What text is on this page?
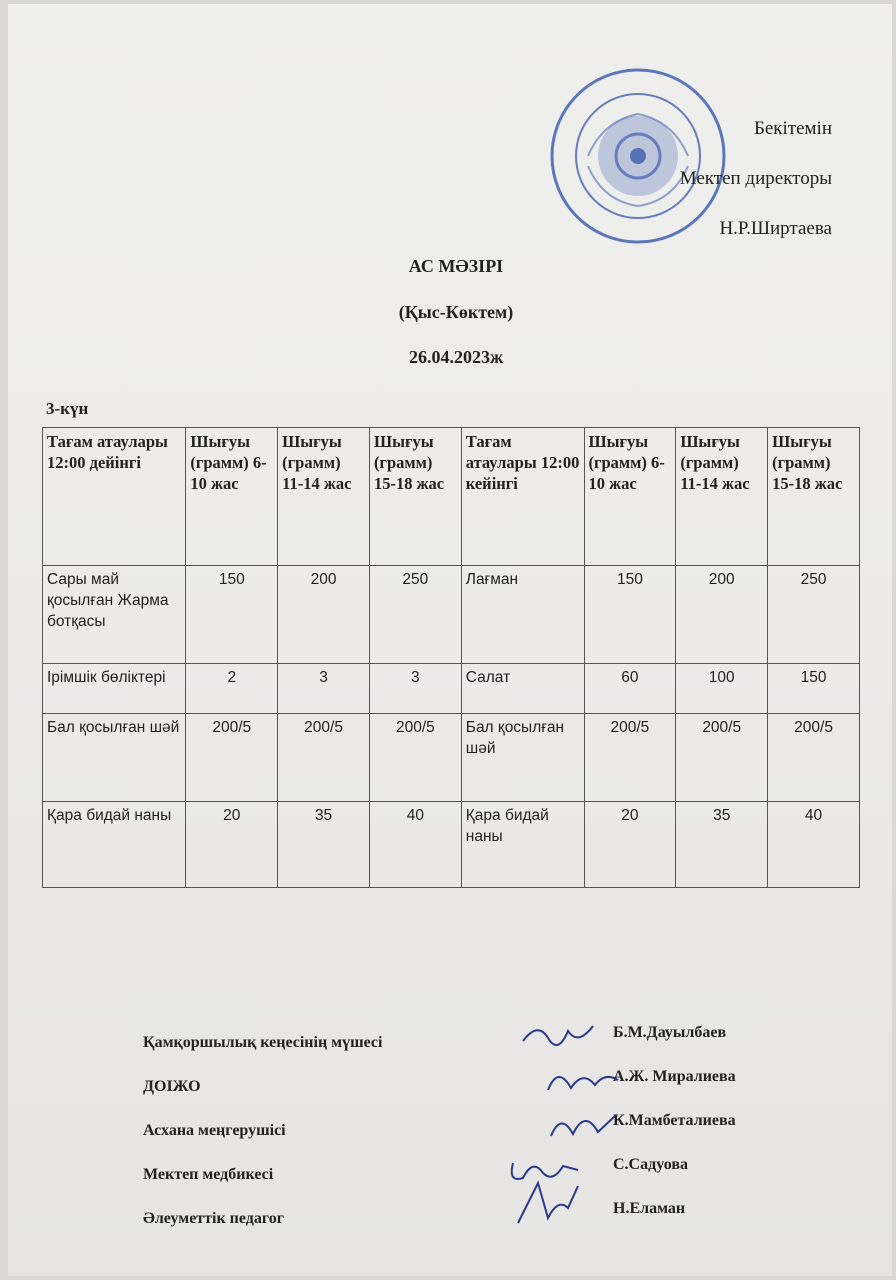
Бекітемін
Мектеп директоры
Н.Р.Ширтаева
АС МӘЗІРІ
(Қыс-Көктем)
26.04.2023ж
3-күн
Тағам атаулары 12:00 дейінгі	Шығуы (грамм) 6-10 жас	Шығуы (грамм) 11-14 жас	Шығуы (грамм) 15-18 жас	Тағам атаулары 12:00 кейінгі	Шығуы (грамм) 6-10 жас	Шығуы (грамм) 11-14 жас	Шығуы (грамм) 15-18 жас
Сары май қосылған Жарма ботқасы	150	200	250	Лағман	150	200	250
Ірімшік бөліктері	2	3	3	Салат	60	100	150
Бал қосылған шәй	200/5	200/5	200/5	Бал қосылған шәй	200/5	200/5	200/5
Қара бидай наны	20	35	40	Қара бидай наны	20	35	40
Қамқоршылық кеңесінің мүшесі
Б.М.Дауылбаев
ДОІЖО
А.Ж. Миралиева
Асхана меңгерушісі
К.Мамбеталиева
Мектеп медбикесі
С.Садуова
Әлеуметтік педагог
Н.Еламан
